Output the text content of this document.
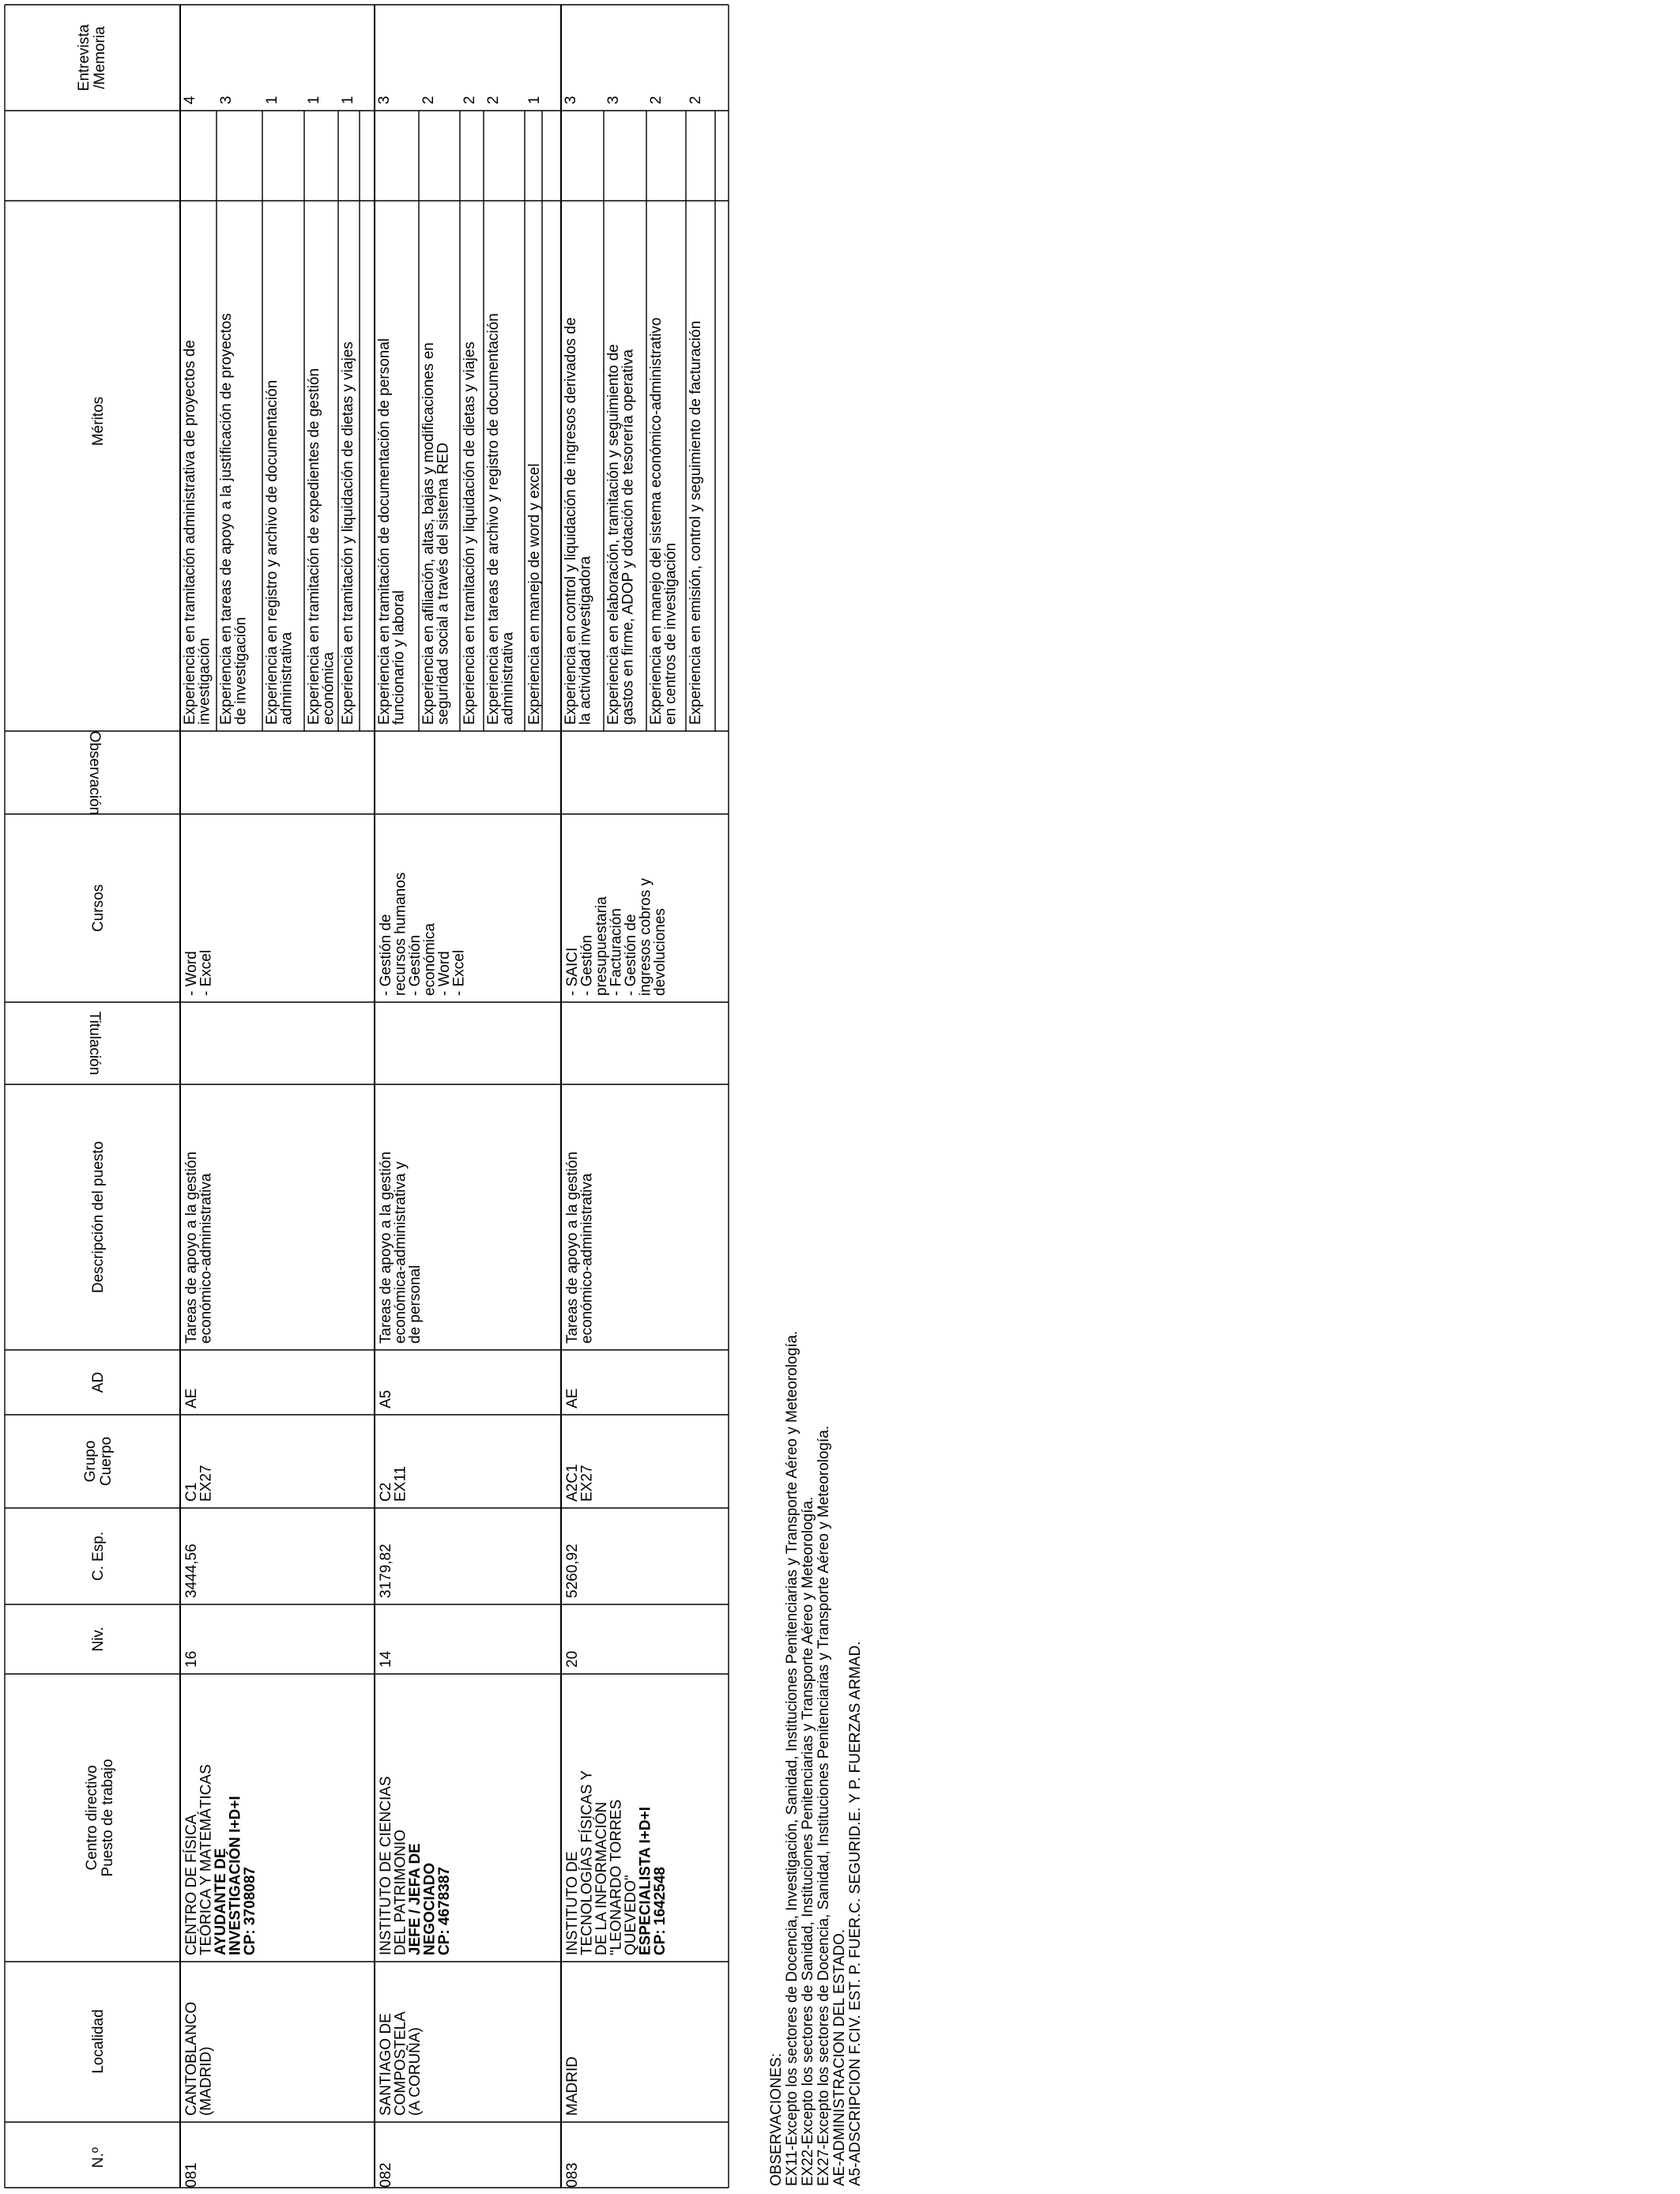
N.º
Localidad
Centro directivo Puesto de trabajo
Niv.
C. Esp.
Grupo Cuerpo
AD
Descripción del puesto
Titulación
Cursos
Observación
Méritos
Entrevista /Memoria
081
CANTOBLANCO
(MADRID)
CENTRO DE FÍSICA
TEÓRICA Y MATEMÁTICAS
AYUDANTE DE
INVESTIGACIÓN I+D+I
CP: 3708087
16
3444,56
C1
EX27
AE
Tareas de apoyo a la gestión
económico-administrativa
- Word
- Excel
Experiencia en tramitación administrativa de proyectos de
investigación
4
Experiencia en tareas de apoyo a la justificación de proyectos
de investigación
3
Experiencia en registro y archivo de documentación
administrativa
1
Experiencia en tramitación de expedientes de gestión
económica
1
Experiencia en tramitación y liquidación de dietas y viajes
1
082
SANTIAGO DE
COMPOSTELA
(A CORUÑA)
INSTITUTO DE CIENCIAS
DEL PATRIMONIO
JEFE / JEFA DE
NEGOCIADO
CP: 4678387
14
3179,82
C2
EX11
A5
Tareas de apoyo a la gestión
económica-administrativa y
de personal
- Gestión de
recursos humanos
- Gestión
económica
- Word
- Excel
Experiencia en tramitación de documentación de personal
funcionario y laboral
3
Experiencia en afiliación, altas, bajas y modificaciones en
seguridad social a través del sistema RED
2
Experiencia en tramitación y liquidación de dietas y viajes
2
Experiencia en tareas de archivo y registro de documentación
administrativa
2
Experiencia en manejo de word y excel
1
083
MADRID
INSTITUTO DE
TECNOLOGÍAS FÍSICAS Y
DE LA INFORMACIÓN
"LEONARDO TORRES
QUEVEDO"
ESPECIALISTA I+D+I
CP: 1642548
20
5260,92
A2C1
EX27
AE
Tareas de apoyo a la gestión
económico-administrativa
- SAICI
- Gestión
presupuestaria
- Facturación
- Gestión de
ingresos cobros y
devoluciones
Experiencia en control y liquidación de ingresos derivados de
la actividad investigadora
3
Experiencia en elaboración, tramitación y seguimiento de
gastos en firme, ADOP y dotación de tesorería operativa
3
Experiencia en manejo del sistema económico-administrativo
en centros de investigación
2
Experiencia en emisión, control y seguimiento de facturación
2
OBSERVACIONES: EX11-Excepto los sectores de Docencia, Investigación, Sanidad, Instituciones Penitenciarias y Transporte Aéreo y Meteorología. EX22-Excepto los sectores de Sanidad, Instituciones Penitenciarias y Transporte Aéreo y Meteorología. EX27-Excepto los sectores de Docencia, Sanidad, Instituciones Penitenciarias y Transporte Aéreo y Meteorología. AE-ADMINISTRACION DEL ESTADO. A5-ADSCRIPCION F.CIV. EST. P. FUER.C. SEGURID.E. Y P. FUERZAS ARMAD.
